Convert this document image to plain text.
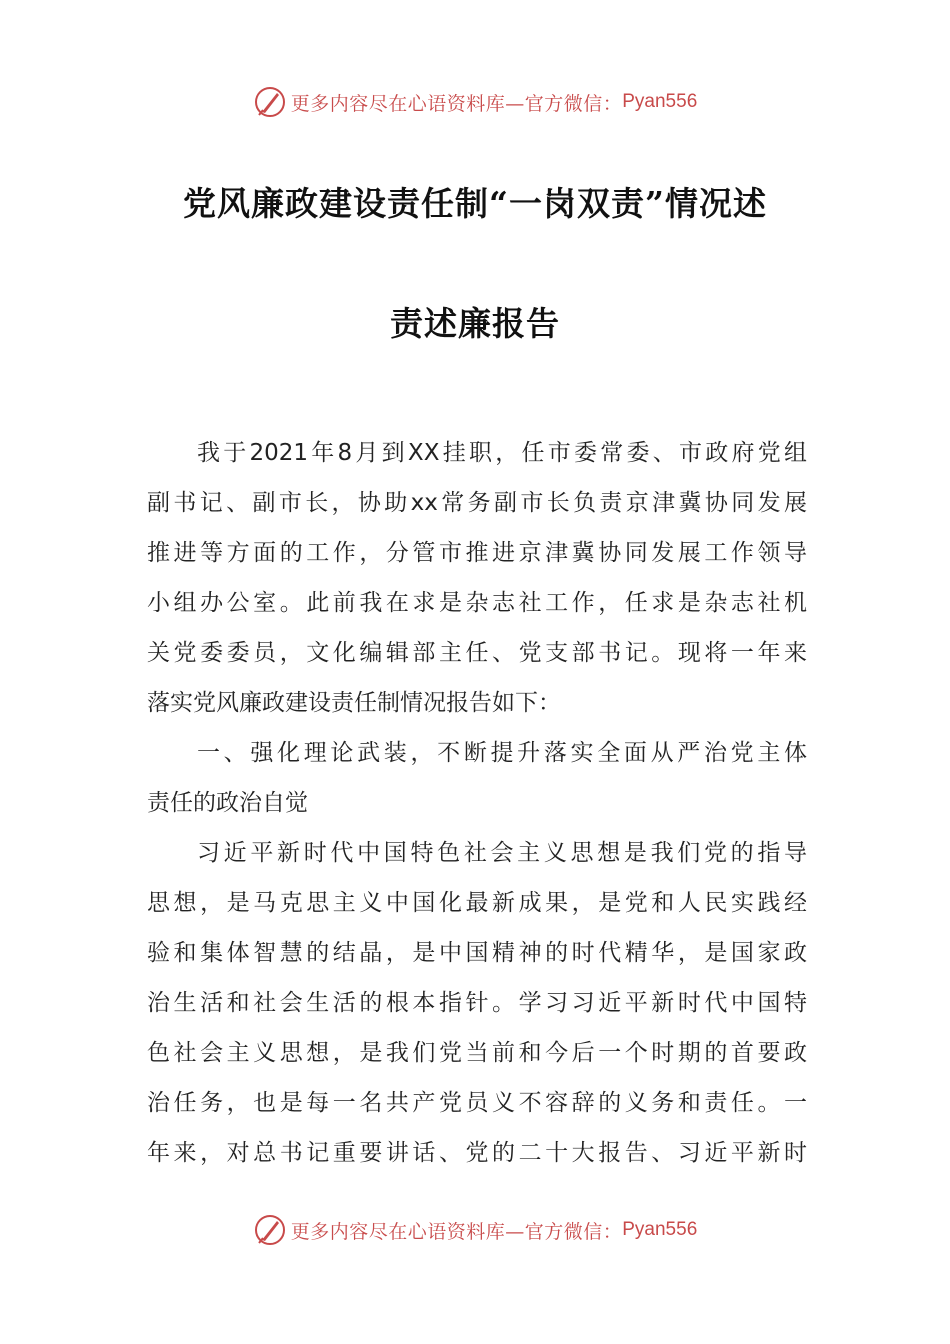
更多内容尽在心语资料库—官方微信： Pyan556
党风廉政建设责任制“一岗双责”情况述
责述廉报告
我于2021年8月到XX挂职，任市委常委、市政府党组
副书记、副市长，协助xx常务副市长负责京津冀协同发展
推进等方面的工作，分管市推进京津冀协同发展工作领导
小组办公室。此前我在求是杂志社工作，任求是杂志社机
关党委委员，文化编辑部主任、党支部书记。现将一年来
落实党风廉政建设责任制情况报告如下：
一、强化理论武装，不断提升落实全面从严治党主体
责任的政治自觉
习近平新时代中国特色社会主义思想是我们党的指导
思想，是马克思主义中国化最新成果，是党和人民实践经
验和集体智慧的结晶，是中国精神的时代精华，是国家政
治生活和社会生活的根本指针。学习习近平新时代中国特
色社会主义思想，是我们党当前和今后一个时期的首要政
治任务，也是每一名共产党员义不容辞的义务和责任。一
年来，对总书记重要讲话、党的二十大报告、习近平新时
更多内容尽在心语资料库—官方微信： Pyan556
